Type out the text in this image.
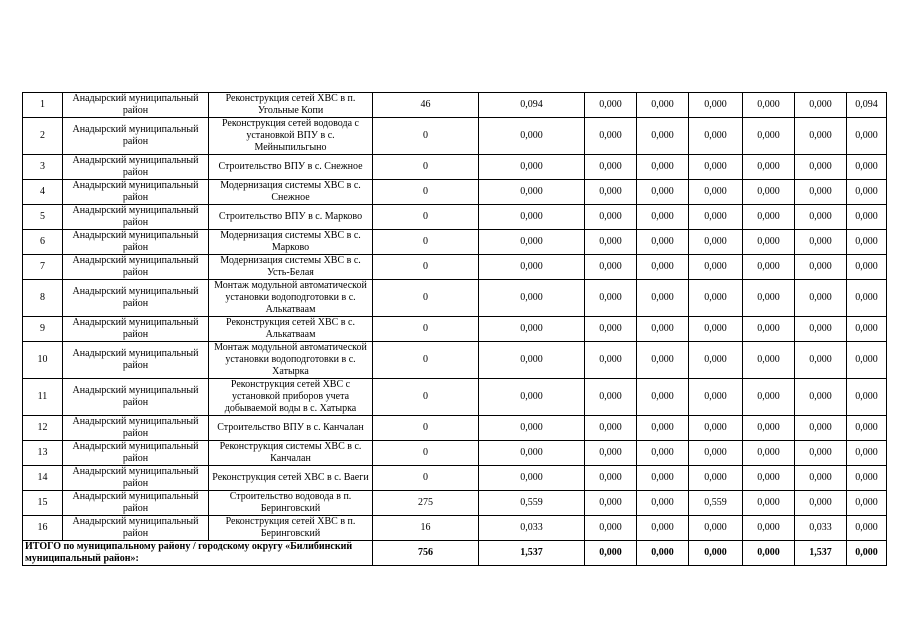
1	Анадырский муниципальный район	Реконструкция сетей ХВС в п. Угольные Копи	46	0,094	0,000	0,000	0,000	0,000	0,000	0,094
2	Анадырский муниципальный район	Реконструкция сетей водовода с установкой ВПУ в с. Мейныпильгыно	0	0,000	0,000	0,000	0,000	0,000	0,000	0,000
3	Анадырский муниципальный район	Строительство ВПУ в с. Снежное	0	0,000	0,000	0,000	0,000	0,000	0,000	0,000
4	Анадырский муниципальный район	Модернизация системы ХВС в с. Снежное	0	0,000	0,000	0,000	0,000	0,000	0,000	0,000
5	Анадырский муниципальный район	Строительство ВПУ в с. Марково	0	0,000	0,000	0,000	0,000	0,000	0,000	0,000
6	Анадырский муниципальный район	Модернизация системы ХВС в с. Марково	0	0,000	0,000	0,000	0,000	0,000	0,000	0,000
7	Анадырский муниципальный район	Модернизация системы ХВС в с. Усть-Белая	0	0,000	0,000	0,000	0,000	0,000	0,000	0,000
8	Анадырский муниципальный район	Монтаж модульной автоматической установки водоподготовки в с. Алькатваам	0	0,000	0,000	0,000	0,000	0,000	0,000	0,000
9	Анадырский муниципальный район	Реконструкция сетей ХВС в с. Алькатваам	0	0,000	0,000	0,000	0,000	0,000	0,000	0,000
10	Анадырский муниципальный район	Монтаж модульной автоматической установки водоподготовки в с. Хатырка	0	0,000	0,000	0,000	0,000	0,000	0,000	0,000
11	Анадырский муниципальный район	Реконструкция сетей ХВС с установкой приборов учета добываемой воды в с. Хатырка	0	0,000	0,000	0,000	0,000	0,000	0,000	0,000
12	Анадырский муниципальный район	Строительство ВПУ в с. Канчалан	0	0,000	0,000	0,000	0,000	0,000	0,000	0,000
13	Анадырский муниципальный район	Реконструкция системы ХВС в с. Канчалан	0	0,000	0,000	0,000	0,000	0,000	0,000	0,000
14	Анадырский муниципальный район	Реконструкция сетей ХВС в с. Ваеги	0	0,000	0,000	0,000	0,000	0,000	0,000	0,000
15	Анадырский муниципальный район	Строительство водовода в п. Беринговский	275	0,559	0,000	0,000	0,559	0,000	0,000	0,000
16	Анадырский муниципальный район	Реконструкция сетей ХВС в п. Беринговский	16	0,033	0,000	0,000	0,000	0,000	0,033	0,000
ИТОГО по муниципальному району / городскому округу «Билибинский муниципальный район»:			756	1,537	0,000	0,000	0,000	0,000	1,537	0,000
